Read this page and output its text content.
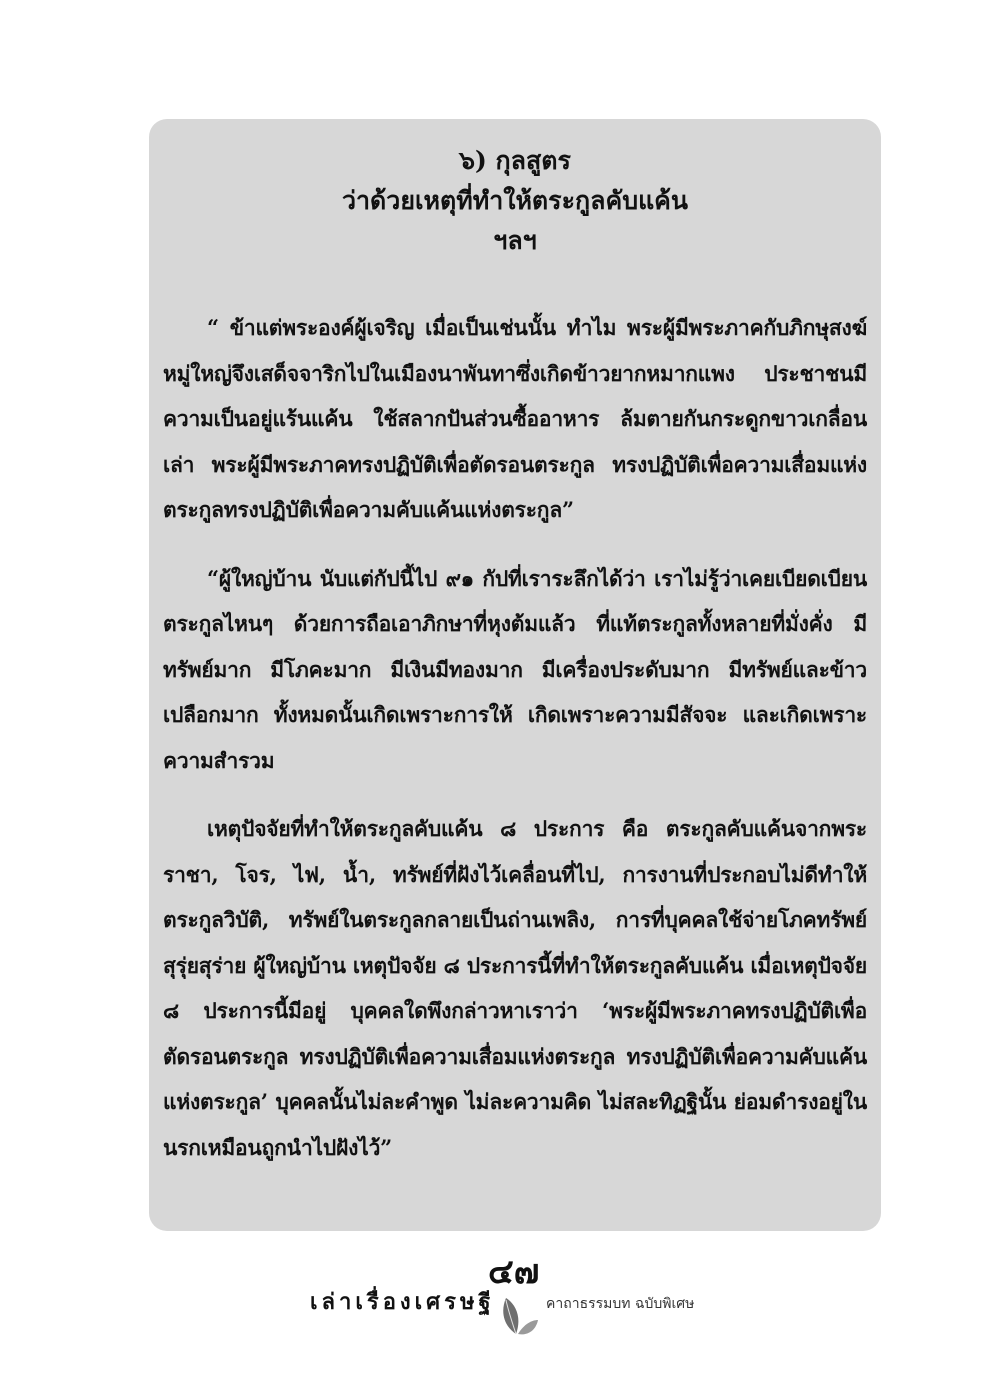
๖) กุลสูตร

ว่าด้วยเหตุที่ทำให้ตระกูลคับแค้น

ฯลฯ

“ ข้าแต่พระองค์ผู้เจริญ เมื่อเป็นเช่นนั้น ทำไม พระผู้มีพระภาคกับภิกษุสงฆ์หมู่ใหญ่จึงเสด็จจาริกไปในเมืองนาพันทาซึ่งเกิดข้าวยากหมากแพง ประชาชนมีความเป็นอยู่แร้นแค้น ใช้สลากปันส่วนซื้ออาหาร ล้มตายกันกระดูกขาวเกลื่อนเล่า พระผู้มีพระภาคทรงปฏิบัติเพื่อตัดรอนตระกูล ทรงปฏิบัติเพื่อความเสื่อมแห่งตระกูลทรงปฏิบัติเพื่อความคับแค้นแห่งตระกูล”

“ผู้ใหญ่บ้าน นับแต่กัปนี้ไป ๙๑ กัปที่เราระลึกได้ว่า เราไม่รู้ว่าเคยเบียดเบียนตระกูลไหนๆ ด้วยการถือเอาภิกษาที่หุงต้มแล้ว ที่แท้ตระกูลทั้งหลายที่มั่งคั่ง มีทรัพย์มาก มีโภคะมาก มีเงินมีทองมาก มีเครื่องประดับมาก มีทรัพย์และข้าวเปลือกมาก ทั้งหมดนั้นเกิดเพราะการให้ เกิดเพราะความมีสัจจะ และเกิดเพราะความสำรวม

เหตุปัจจัยที่ทำให้ตระกูลคับแค้น ๘ ประการ คือ ตระกูลคับแค้นจากพระราชา, โจร, ไฟ, น้ำ, ทรัพย์ที่ฝังไว้เคลื่อนที่ไป, การงานที่ประกอบไม่ดีทำให้ตระกูลวิบัติ, ทรัพย์ในตระกูลกลายเป็นถ่านเพลิง, การที่บุคคลใช้จ่ายโภคทรัพย์สุรุ่ยสุร่าย ผู้ใหญ่บ้าน เหตุปัจจัย ๘ ประการนี้ที่ทำให้ตระกูลคับแค้น เมื่อเหตุปัจจัย ๘ ประการนี้มีอยู่ บุคคลใดพึงกล่าวหาเราว่า ‘พระผู้มีพระภาคทรงปฏิบัติเพื่อตัดรอนตระกูล ทรงปฏิบัติเพื่อความเสื่อมแห่งตระกูล ทรงปฏิบัติเพื่อความคับแค้นแห่งตระกูล’ บุคคลนั้นไม่ละคำพูด ไม่ละความคิด ไม่สละทิฏฐินั้น ย่อมดำรงอยู่ในนรกเหมือนถูกนำไปฝังไว้”

๔๗
เล่าเรื่องเศรษฐี	คาถาธรรมบท ฉบับพิเศษ
